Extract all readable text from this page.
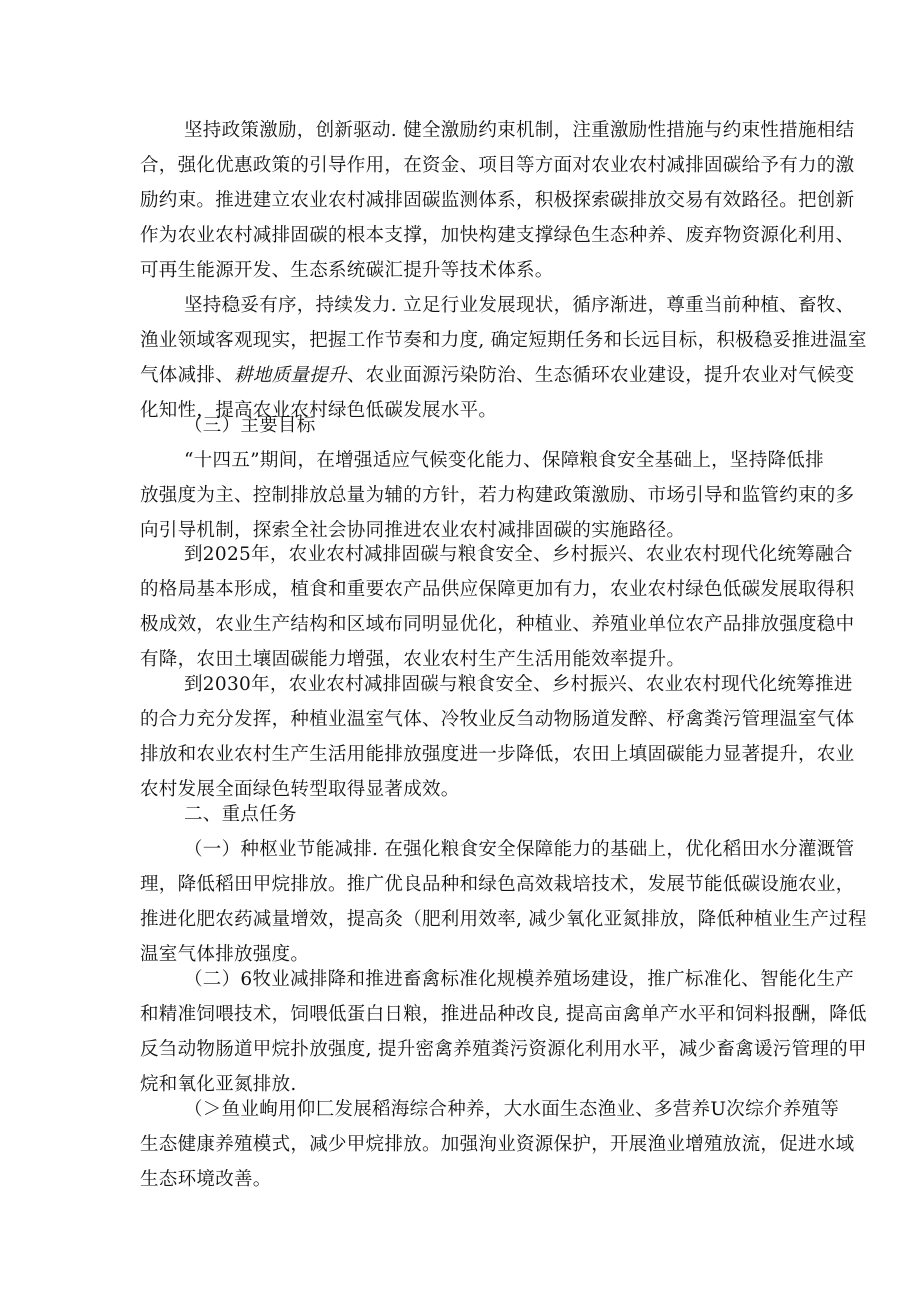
坚持政策激励，创新驱动. 健全激励约束机制，注重激励性措施与约束性措施相结
合，强化优惠政策的引导作用，在资金、项目等方面对农业农村减排固碳给予有力的激
励约束。推进建立农业农村减排固碳监测体系，积极探索碳排放交易有效路径。把创新
作为农业农村减排固碳的根本支撑，加快构建支撑绿色生态种养、废弃物资源化利用、
可再生能源开发、生态系统碳汇提升等技术体系。
坚持稳妥有序，持续发力. 立足行业发展现状，循序渐进，尊重当前种植、畜牧、
渔业领域客观现实，把握工作节奏和力度, 确定短期任务和长远目标，积极稳妥推进温室
气体减排、耕地质量提升、农业面源污染防治、生态循环农业建设，提升农业对气候变
化知性，提高农业农村绿色低碳发展水平。
（三）主要目标
“十四五”期间，在增强适应气候变化能力、保障粮食安全基础上，坚持降低排
放强度为主、控制排放总量为辅的方针，若力构建政策激励、市场引导和监管约束的多
向引导机制，探索全社会协同推进农业农村减排固碳的实施路径。
到2025年，农业农村减排固碳与粮食安全、乡村振兴、农业农村现代化统筹融合
的格局基本形成，植食和重要农产品供应保障更加有力，农业农村绿色低碳发展取得积
极成效，农业生产结构和区域布同明显优化，种植业、养殖业单位农产品排放强度稳中
有降，农田土壤固碳能力增强，农业农村生产生活用能效率提升。
到2030年，农业农村减排固碳与粮食安全、乡村振兴、农业农村现代化统筹推进
的合力充分发挥，种植业温室气体、冷牧业反刍动物肠道发醉、杼禽粪污管理温室气体
排放和农业农村生产生活用能排放强度进一步降低，农田上填固碳能力显著提升，农业
农村发展全面绿色转型取得显著成效。
二、重点任务
（一）种枢业节能减排. 在强化粮食安全保障能力的基础上，优化稻田水分灌溉管
理，降低稻田甲烷排放。推广优良品种和绿色高效栽培技术，发展节能低碳设施农业，
推进化肥农药减量增效，提高灸（肥利用效率, 减少氧化亚氮排放，降低种植业生产过程
温室气体排放强度。
（二）6牧业减排降和推进畜禽标准化规模养殖场建设，推广标准化、智能化生产
和精准饲喂技术，饲喂低蛋白日粮，推进品种改良, 提高亩禽单产水平和饲料报酬，降低
反刍动物肠道甲烷扑放强度, 提升密禽养殖粪污资源化利用水平，减少畜禽谖污管理的甲
烷和氧化亚氮排放.
（＞鱼业峋用仰匚发展稻海综合种养，大水面生态渔业、多营养U次综介养殖等
生态健康养殖模式，减少甲烷排放。加强洵业资源保护，开展渔业增殖放流，促进水域
生态环境改善。
